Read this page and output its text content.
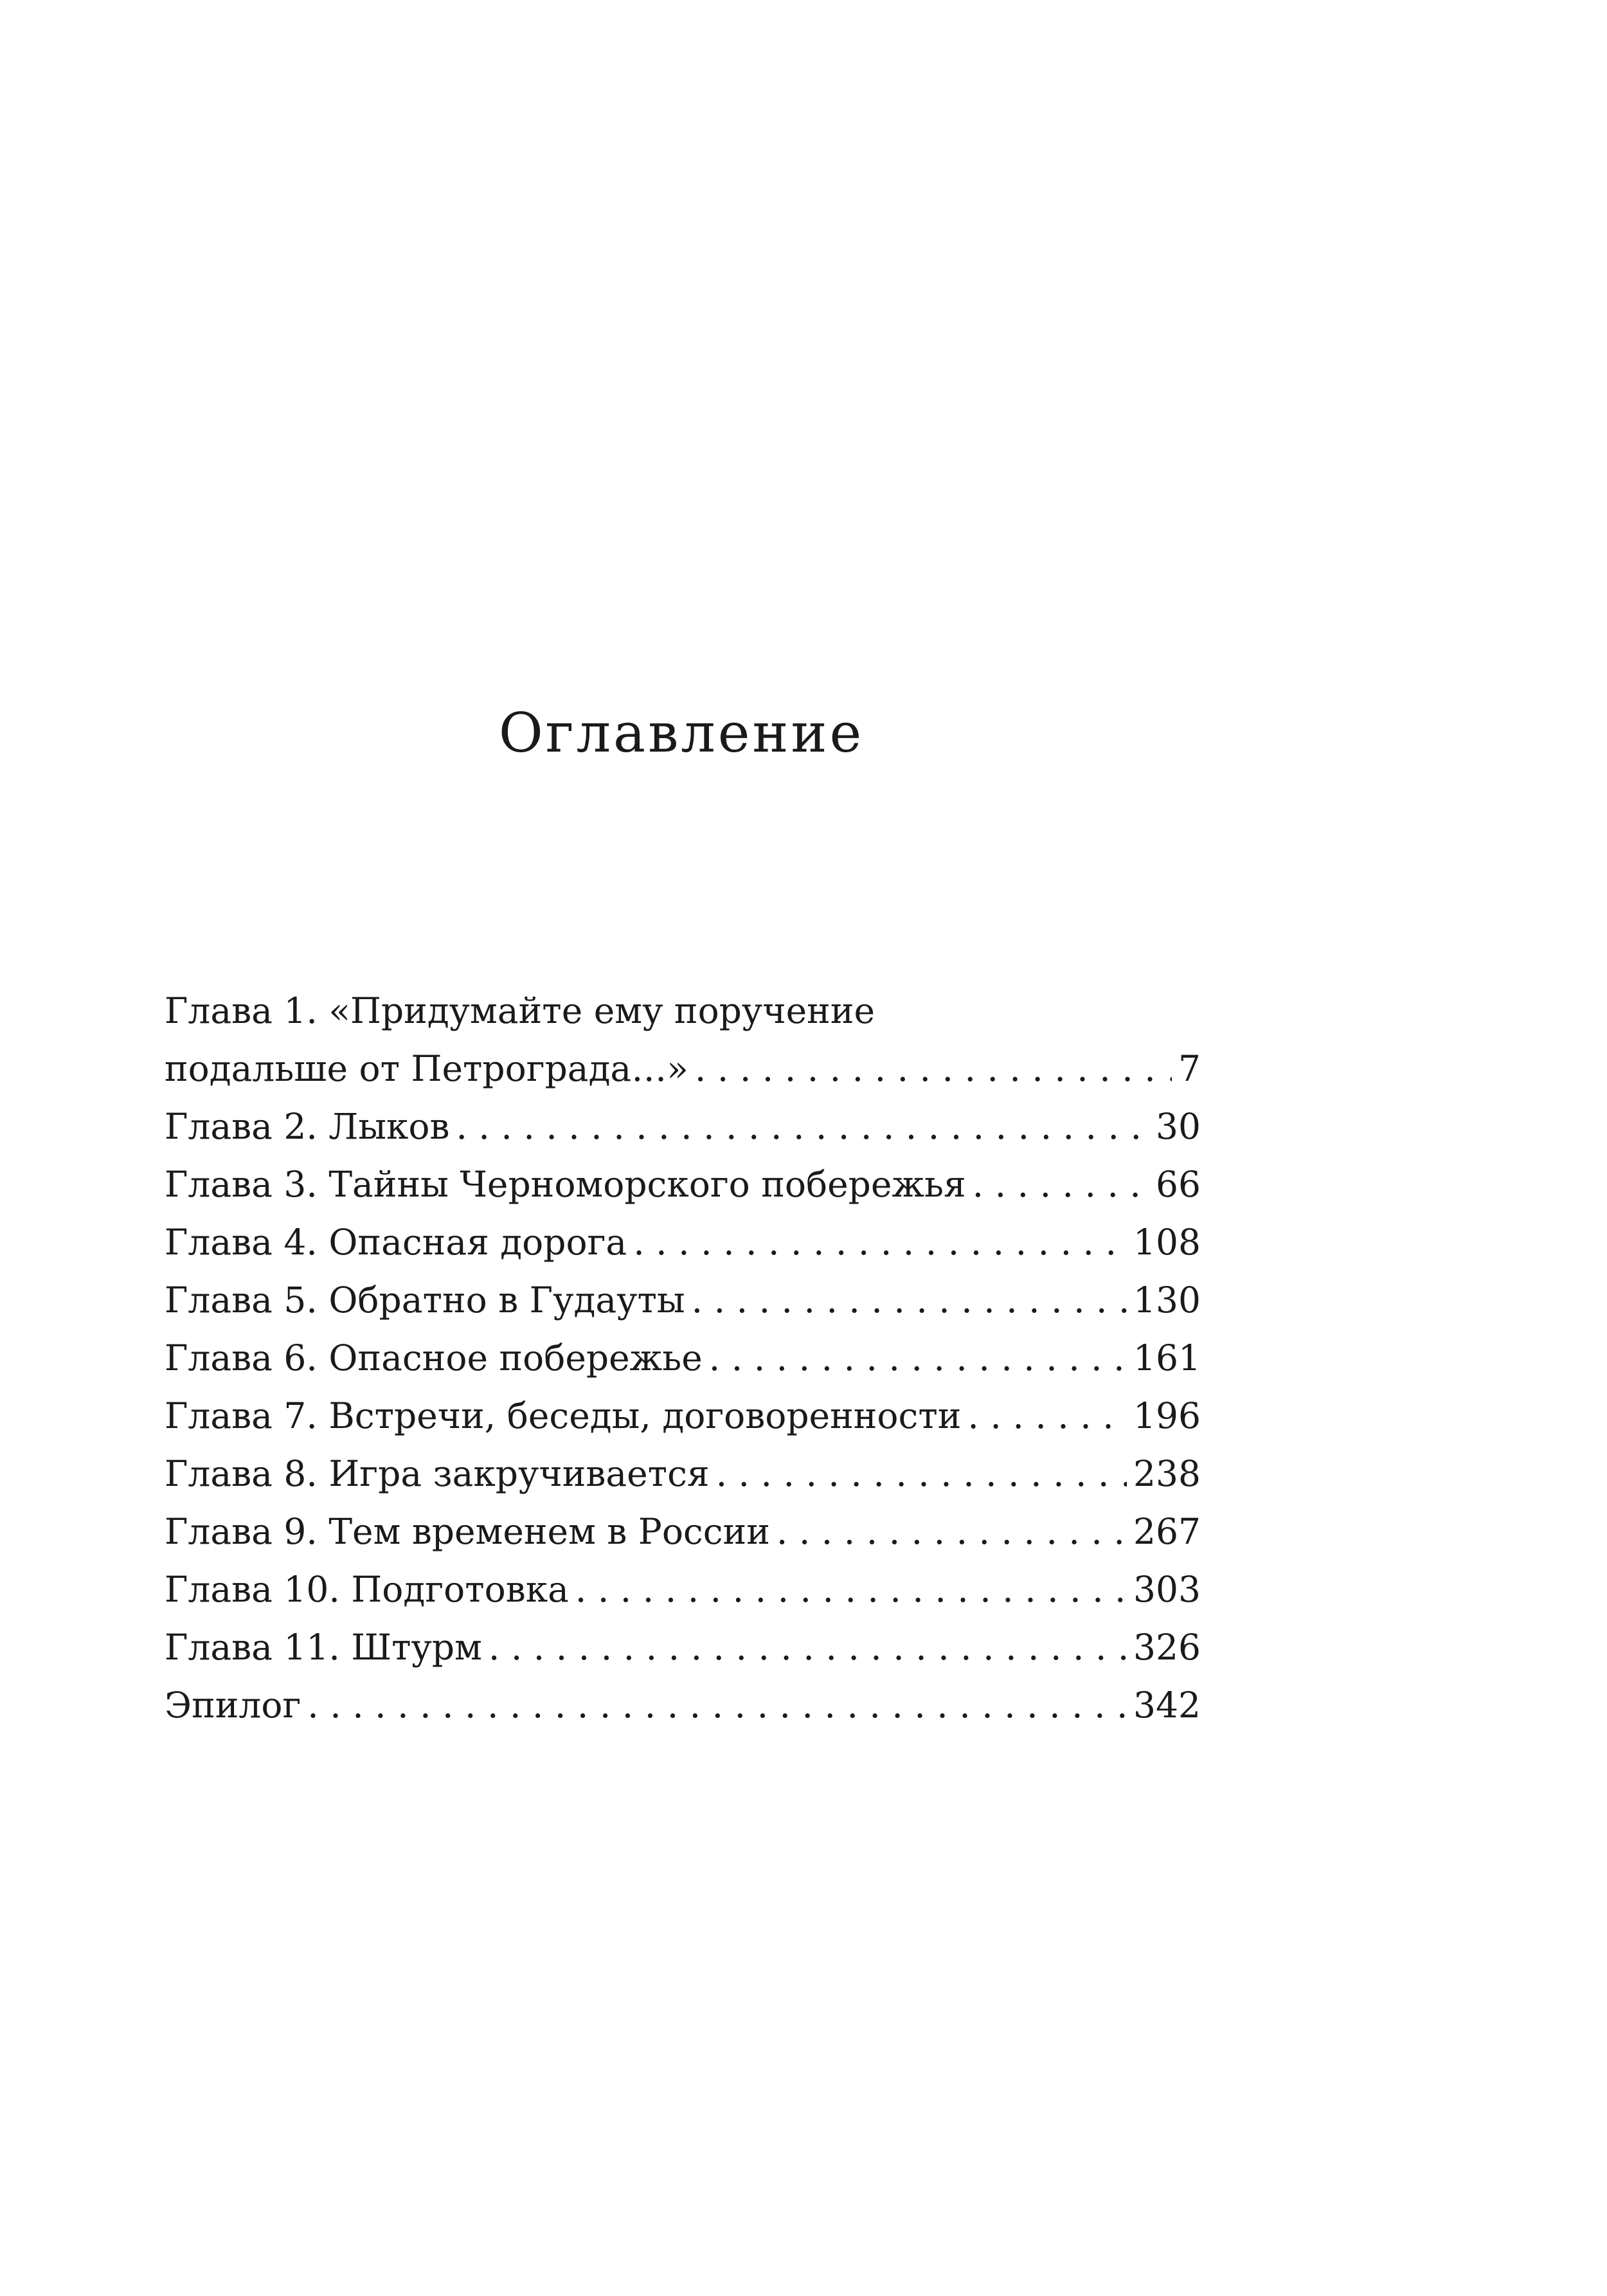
Оглавление
Глава 1. «Придумайте ему поручение
подальше от Петрограда…» . . .	7
Глава 2. Лыков . . .	30
Глава 3. Тайны Черноморского побережья . . .	66
Глава 4. Опасная дорога . . .	108
Глава 5. Обратно в Гудауты . . .	130
Глава 6. Опасное побережье . . .	161
Глава 7. Встречи, беседы, договоренности . . .	196
Глава 8. Игра закручивается . . .	238
Глава 9. Тем временем в России . . .	267
Глава 10. Подготовка . . .	303
Глава 11. Штурм . . .	326
Эпилог . . .	342
